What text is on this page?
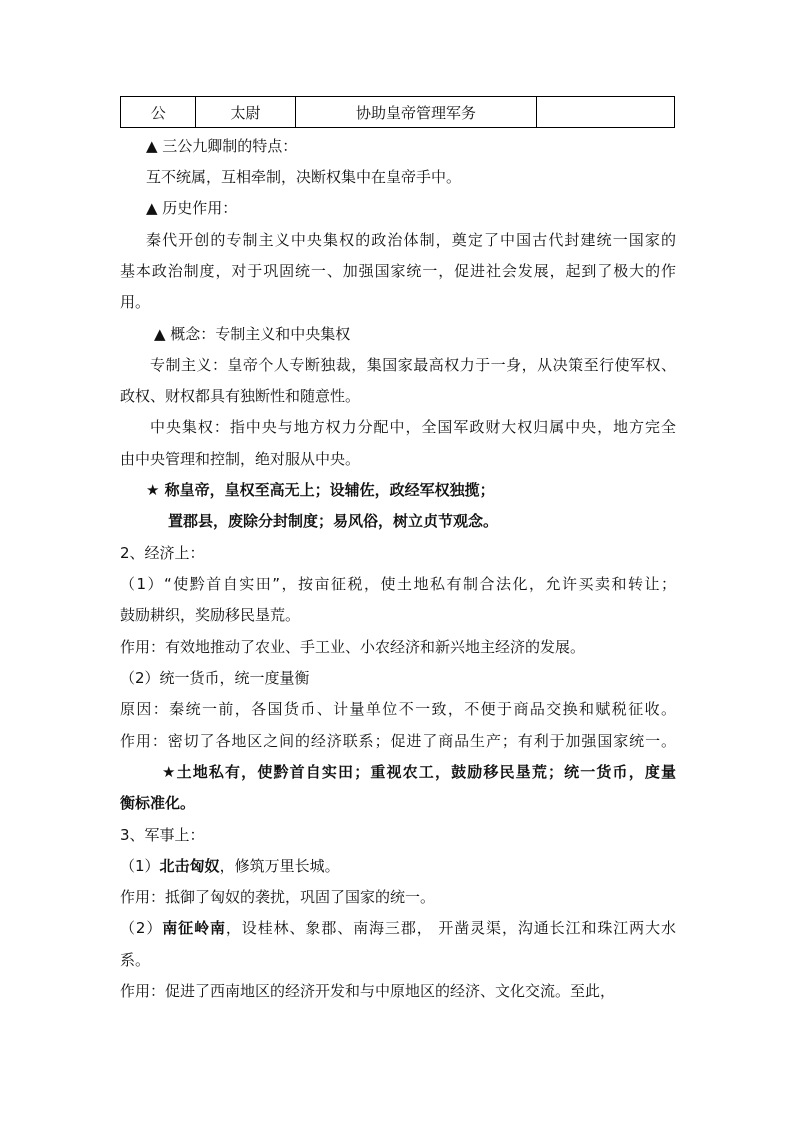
公	太尉	协助皇帝管理军务	
▲ 三公九卿制的特点：
互不统属，互相牵制，决断权集中在皇帝手中。
▲ 历史作用：
秦代开创的专制主义中央集权的政治体制，奠定了中国古代封建统一国家的
基本政治制度，对于巩固统一、加强国家统一，促进社会发展，起到了极大的作
用。
▲ 概念：专制主义和中央集权
专制主义：皇帝个人专断独裁，集国家最高权力于一身，从决策至行使军权、
政权、财权都具有独断性和随意性。
中央集权：指中央与地方权力分配中，全国军政财大权归属中央，地方完全
由中央管理和控制，绝对服从中央。
★ 称皇帝，皇权至高无上；设辅佐，政经军权独揽；
置郡县，废除分封制度；易风俗，树立贞节观念。
2、经济上：
（1）“使黔首自实田”，按亩征税，使土地私有制合法化，允许买卖和转让；
鼓励耕织，奖励移民垦荒。
作用：有效地推动了农业、手工业、小农经济和新兴地主经济的发展。
（2）统一货币，统一度量衡
原因：秦统一前，各国货币、计量单位不一致，不便于商品交换和赋税征收。
作用：密切了各地区之间的经济联系；促进了商品生产；有利于加强国家统一。
★土地私有，使黔首自实田；重视农工，鼓励移民垦荒；统一货币，度量
衡标准化。
3、军事上：
（1）北击匈奴，修筑万里长城。
作用：抵御了匈奴的袭扰，巩固了国家的统一。
（2）南征岭南，设桂林、象郡、南海三郡， 开凿灵渠，沟通长江和珠江两大水
系。
作用：促进了西南地区的经济开发和与中原地区的经济、文化交流。至此，
